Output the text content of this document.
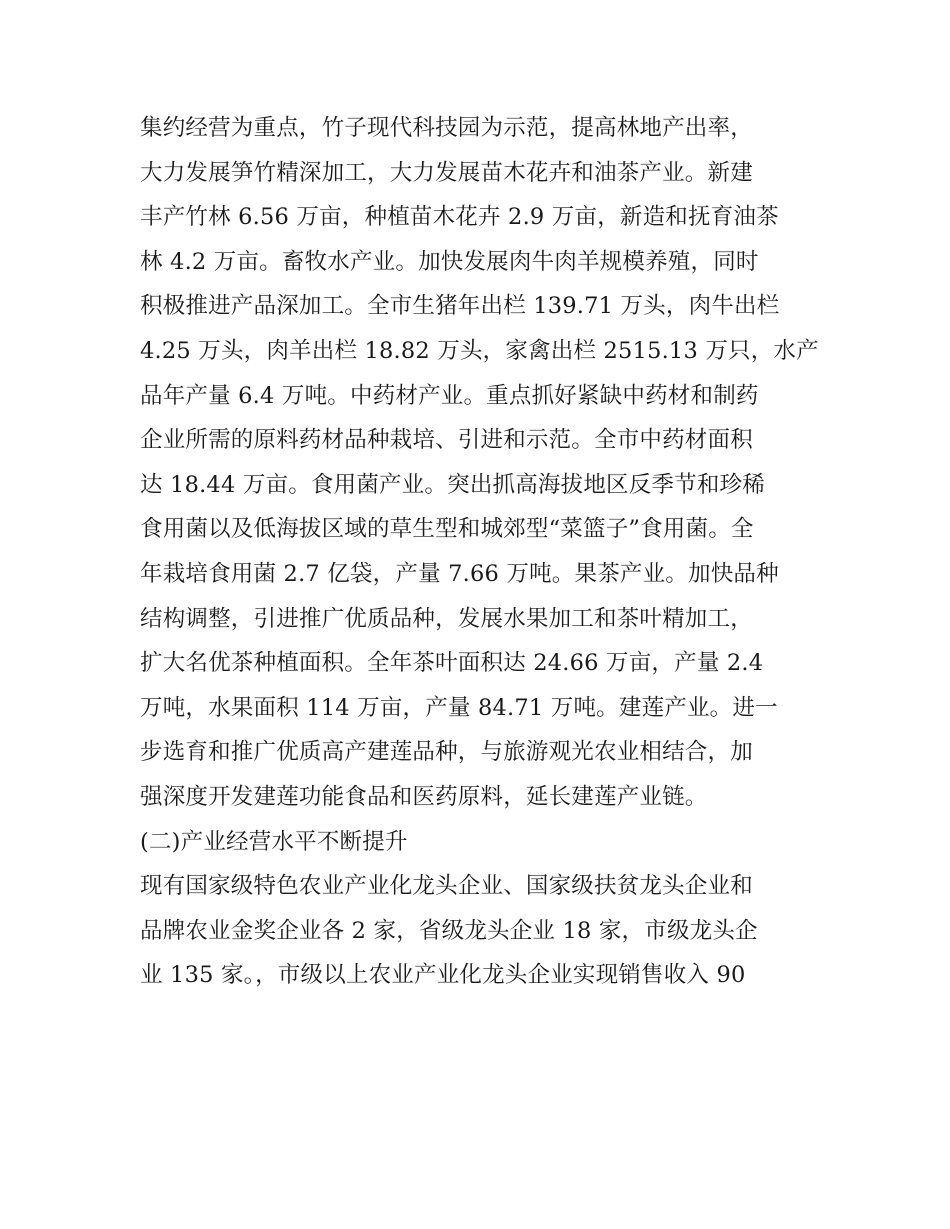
集约经营为重点，竹子现代科技园为示范，提高林地产出率，
大力发展笋竹精深加工，大力发展苗木花卉和油茶产业。新建
丰产竹林 6.56 万亩，种植苗木花卉 2.9 万亩，新造和抚育油茶
林 4.2 万亩。畜牧水产业。加快发展肉牛肉羊规模养殖，同时
积极推进产品深加工。全市生猪年出栏 139.71 万头，肉牛出栏
4.25 万头，肉羊出栏 18.82 万头，家禽出栏 2515.13 万只，水产
品年产量 6.4 万吨。中药材产业。重点抓好紧缺中药材和制药
企业所需的原料药材品种栽培、引进和示范。全市中药材面积
达 18.44 万亩。食用菌产业。突出抓高海拔地区反季节和珍稀
食用菌以及低海拔区域的草生型和城郊型“菜篮子”食用菌。全
年栽培食用菌 2.7 亿袋，产量 7.66 万吨。果茶产业。加快品种
结构调整，引进推广优质品种，发展水果加工和茶叶精加工，
扩大名优茶种植面积。全年茶叶面积达 24.66 万亩，产量 2.4
万吨，水果面积 114 万亩，产量 84.71 万吨。建莲产业。进一
步选育和推广优质高产建莲品种，与旅游观光农业相结合，加
强深度开发建莲功能食品和医药原料，延长建莲产业链。
(二)产业经营水平不断提升
现有国家级特色农业产业化龙头企业、国家级扶贫龙头企业和
品牌农业金奖企业各 2 家，省级龙头企业 18 家，市级龙头企
业 135 家。，市级以上农业产业化龙头企业实现销售收入 90
